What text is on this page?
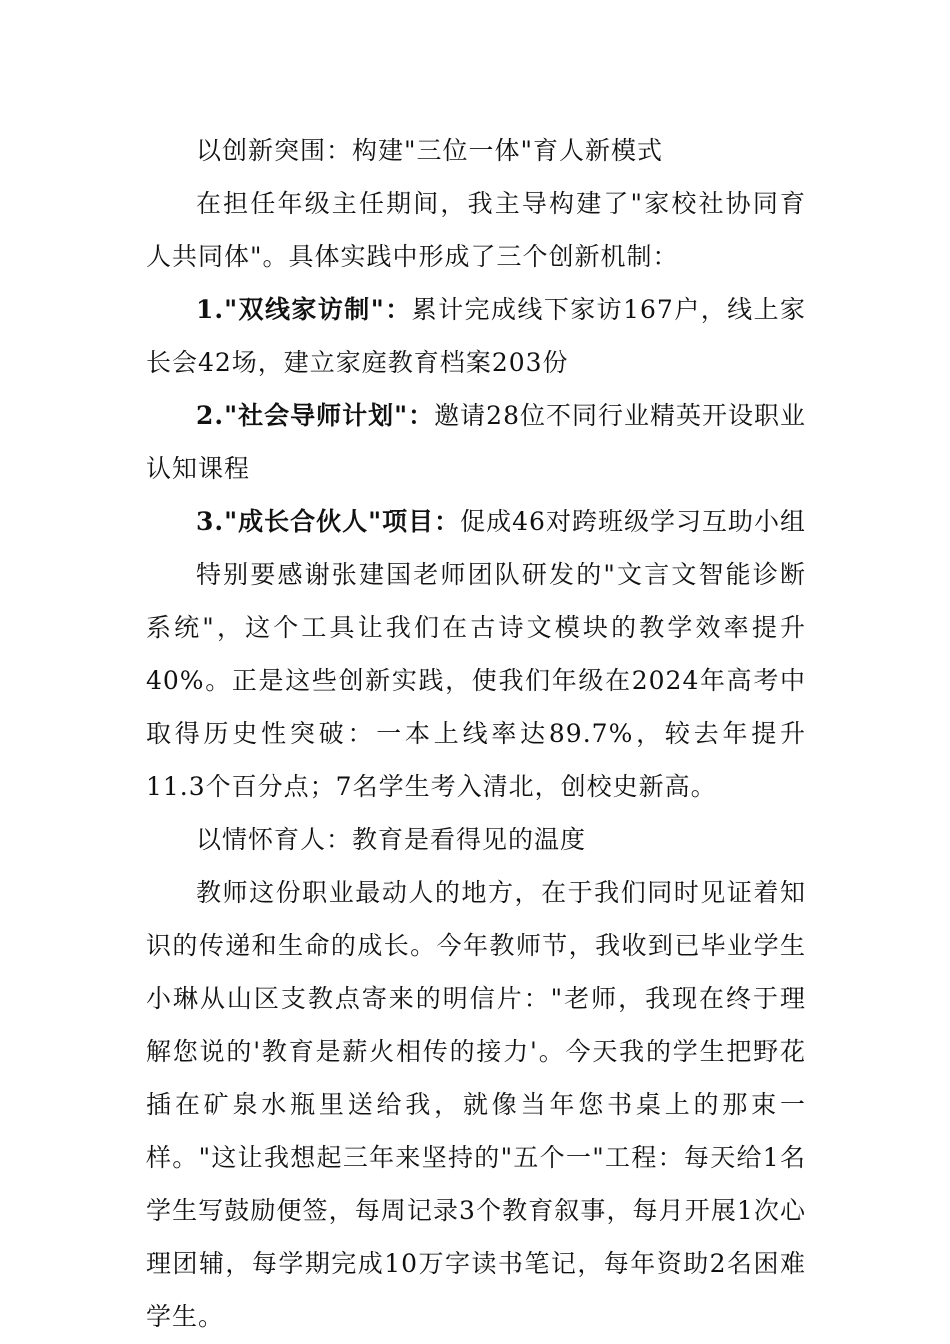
以创新突围：构建"三位一体"育人新模式

在担任年级主任期间，我主导构建了"家校社协同育人共同体"。具体实践中形成了三个创新机制：

1."双线家访制"：累计完成线下家访167户，线上家长会42场，建立家庭教育档案203份

2."社会导师计划"：邀请28位不同行业精英开设职业认知课程

3."成长合伙人"项目：促成46对跨班级学习互助小组

特别要感谢张建国老师团队研发的"文言文智能诊断系统"，这个工具让我们在古诗文模块的教学效率提升40%。正是这些创新实践，使我们年级在2024年高考中取得历史性突破：一本上线率达89.7%，较去年提升11.3个百分点；7名学生考入清北，创校史新高。

以情怀育人：教育是看得见的温度

教师这份职业最动人的地方，在于我们同时见证着知识的传递和生命的成长。今年教师节，我收到已毕业学生小琳从山区支教点寄来的明信片："老师，我现在终于理解您说的'教育是薪火相传的接力'。今天我的学生把野花插在矿泉水瓶里送给我，就像当年您书桌上的那束一样。"这让我想起三年来坚持的"五个一"工程：每天给1名学生写鼓励便签，每周记录3个教育叙事，每月开展1次心理团辅，每学期完成10万字读书笔记，每年资助2名困难学生。
